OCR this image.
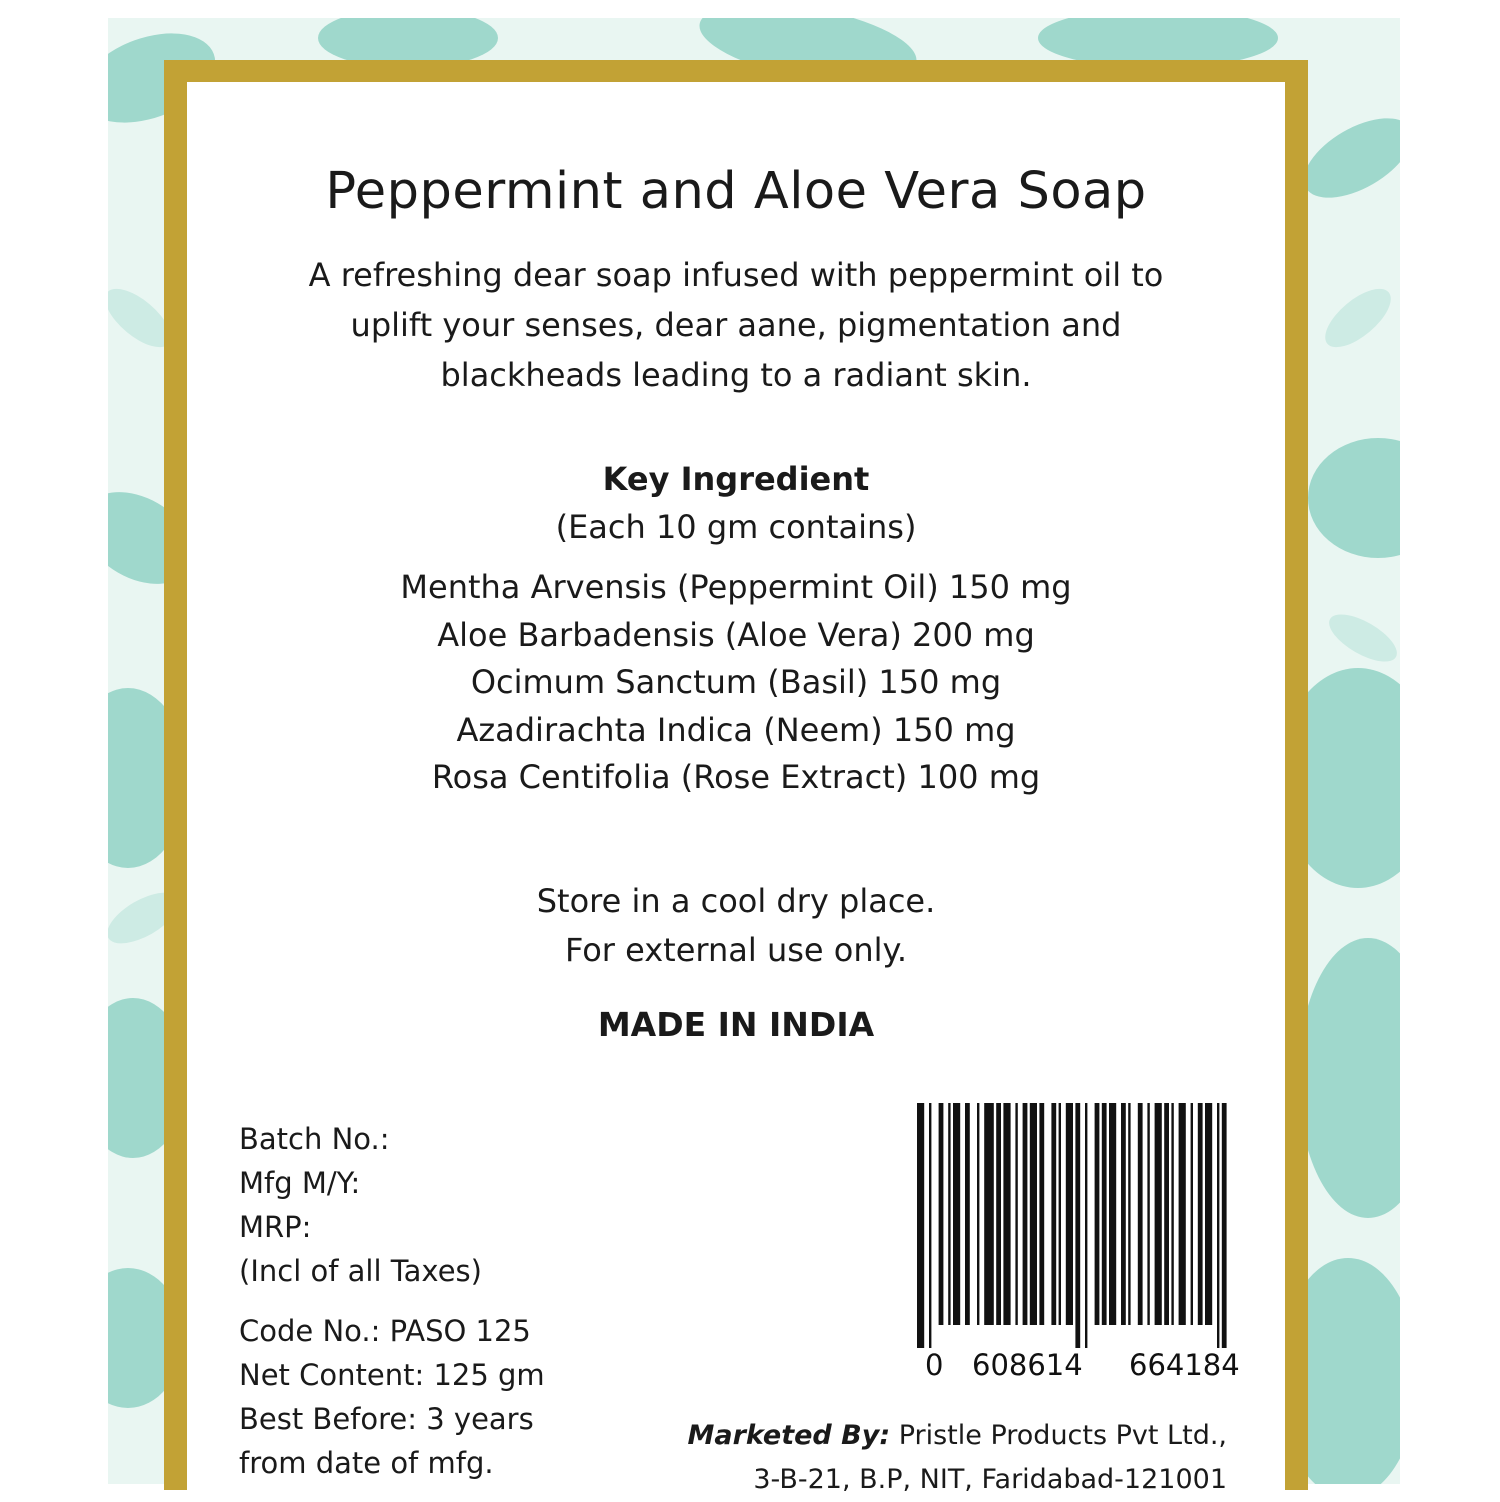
Peppermint and Aloe Vera Soap
A refreshing dear soap infused with peppermint oil to
uplift your senses, dear aane, pigmentation and
blackheads leading to a radiant skin.
Key Ingredient
(Each 10 gm contains)
Mentha Arvensis (Peppermint Oil) 150 mg
Aloe Barbadensis (Aloe Vera) 200 mg
Ocimum Sanctum (Basil) 150 mg
Azadirachta Indica (Neem) 150 mg
Rosa Centifolia (Rose Extract) 100 mg
Store in a cool dry place.
For external use only.
MADE IN INDIA
Batch No.:
Mfg M/Y:
MRP:
(Incl of all Taxes)
Code No.: PASO 125
Net Content: 125 gm
Best Before: 3 years
from date of mfg.
0 608614 664184
Marketed By: Pristle Products Pvt Ltd.,
3-B-21, B.P, NIT, Faridabad-121001
